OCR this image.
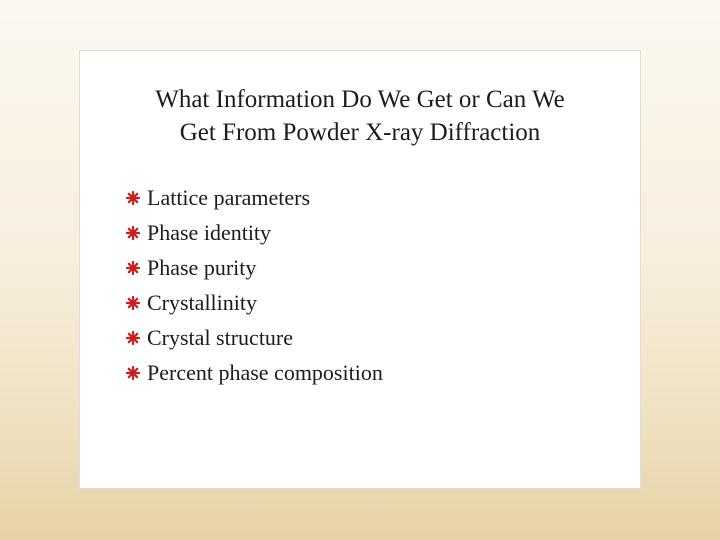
What Information Do We Get or Can We
Get From Powder X-ray Diffraction
Lattice parameters
Phase identity
Phase purity
Crystallinity
Crystal structure
Percent phase composition
